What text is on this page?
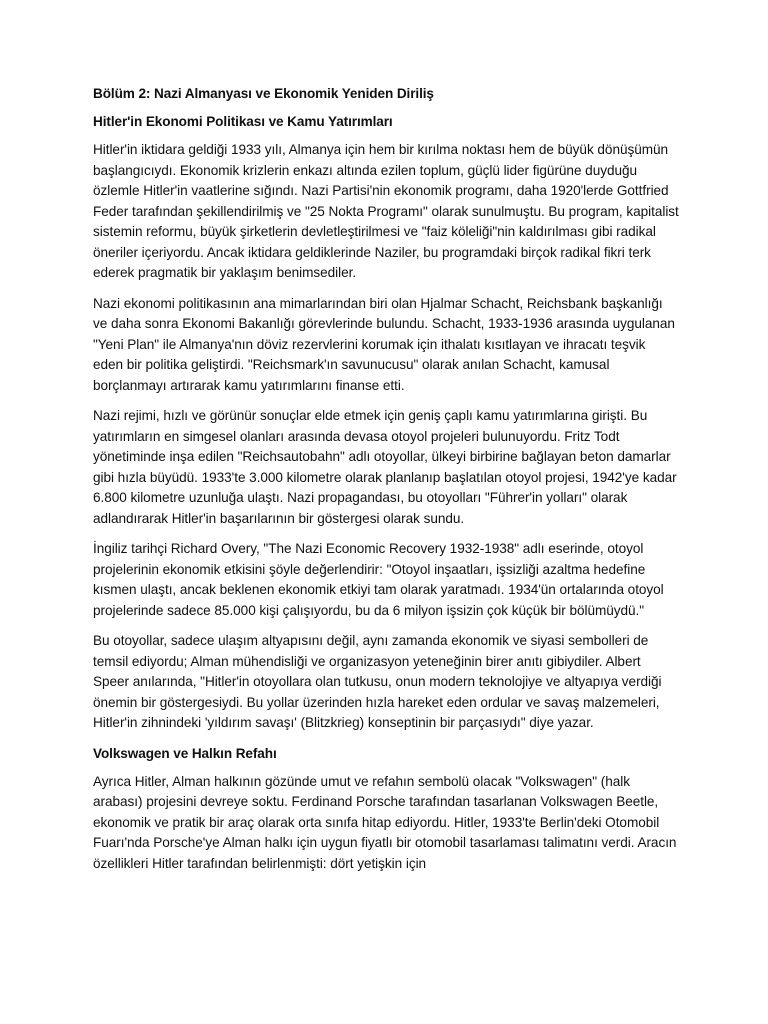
Bölüm 2: Nazi Almanyası ve Ekonomik Yeniden Diriliş
Hitler'in Ekonomi Politikası ve Kamu Yatırımları

Hitler'in iktidara geldiği 1933 yılı, Almanya için hem bir kırılma noktası hem de büyük dönüşümün başlangıcıydı. Ekonomik krizlerin enkazı altında ezilen toplum, güçlü lider figürüne duyduğu özlemle Hitler'in vaatlerine sığındı. Nazi Partisi'nin ekonomik programı, daha 1920'lerde Gottfried Feder tarafından şekillendirilmiş ve "25 Nokta Programı" olarak sunulmuştu. Bu program, kapitalist sistemin reformu, büyük şirketlerin devletleştirilmesi ve "faiz köleliği"nin kaldırılması gibi radikal öneriler içeriyordu. Ancak iktidara geldiklerinde Naziler, bu programdaki birçok radikal fikri terk ederek pragmatik bir yaklaşım benimsediler.

Nazi ekonomi politikasının ana mimarlarından biri olan Hjalmar Schacht, Reichsbank başkanlığı ve daha sonra Ekonomi Bakanlığı görevlerinde bulundu. Schacht, 1933-1936 arasında uygulanan "Yeni Plan" ile Almanya'nın döviz rezervlerini korumak için ithalatı kısıtlayan ve ihracatı teşvik eden bir politika geliştirdi. "Reichsmark'ın savunucusu" olarak anılan Schacht, kamusal borçlanmayı artırarak kamu yatırımlarını finanse etti.

Nazi rejimi, hızlı ve görünür sonuçlar elde etmek için geniş çaplı kamu yatırımlarına girişti. Bu yatırımların en simgesel olanları arasında devasa otoyol projeleri bulunuyordu. Fritz Todt yönetiminde inşa edilen "Reichsautobahn" adlı otoyollar, ülkeyi birbirine bağlayan beton damarlar gibi hızla büyüdü. 1933'te 3.000 kilometre olarak planlanıp başlatılan otoyol projesi, 1942'ye kadar 6.800 kilometre uzunluğa ulaştı. Nazi propagandası, bu otoyolları "Führer'in yolları" olarak adlandırarak Hitler'in başarılarının bir göstergesi olarak sundu.

İngiliz tarihçi Richard Overy, "The Nazi Economic Recovery 1932-1938" adlı eserinde, otoyol projelerinin ekonomik etkisini şöyle değerlendirir: "Otoyol inşaatları, işsizliği azaltma hedefine kısmen ulaştı, ancak beklenen ekonomik etkiyi tam olarak yaratmadı. 1934'ün ortalarında otoyol projelerinde sadece 85.000 kişi çalışıyordu, bu da 6 milyon işsizin çok küçük bir bölümüydü."

Bu otoyollar, sadece ulaşım altyapısını değil, aynı zamanda ekonomik ve siyasi sembolleri de temsil ediyordu; Alman mühendisliği ve organizasyon yeteneğinin birer anıtı gibiydiler. Albert Speer anılarında, "Hitler'in otoyollara olan tutkusu, onun modern teknolojiye ve altyapıya verdiği önemin bir göstergesiydi. Bu yollar üzerinden hızla hareket eden ordular ve savaş malzemeleri, Hitler'in zihnindeki 'yıldırım savaşı' (Blitzkrieg) konseptinin bir parçasıydı" diye yazar.

Volkswagen ve Halkın Refahı

Ayrıca Hitler, Alman halkının gözünde umut ve refahın sembolü olacak "Volkswagen" (halk arabası) projesini devreye soktu. Ferdinand Porsche tarafından tasarlanan Volkswagen Beetle, ekonomik ve pratik bir araç olarak orta sınıfa hitap ediyordu. Hitler, 1933'te Berlin'deki Otomobil Fuarı'nda Porsche'ye Alman halkı için uygun fiyatlı bir otomobil tasarlaması talimatını verdi. Aracın özellikleri Hitler tarafından belirlenmişti: dört yetişkin için
